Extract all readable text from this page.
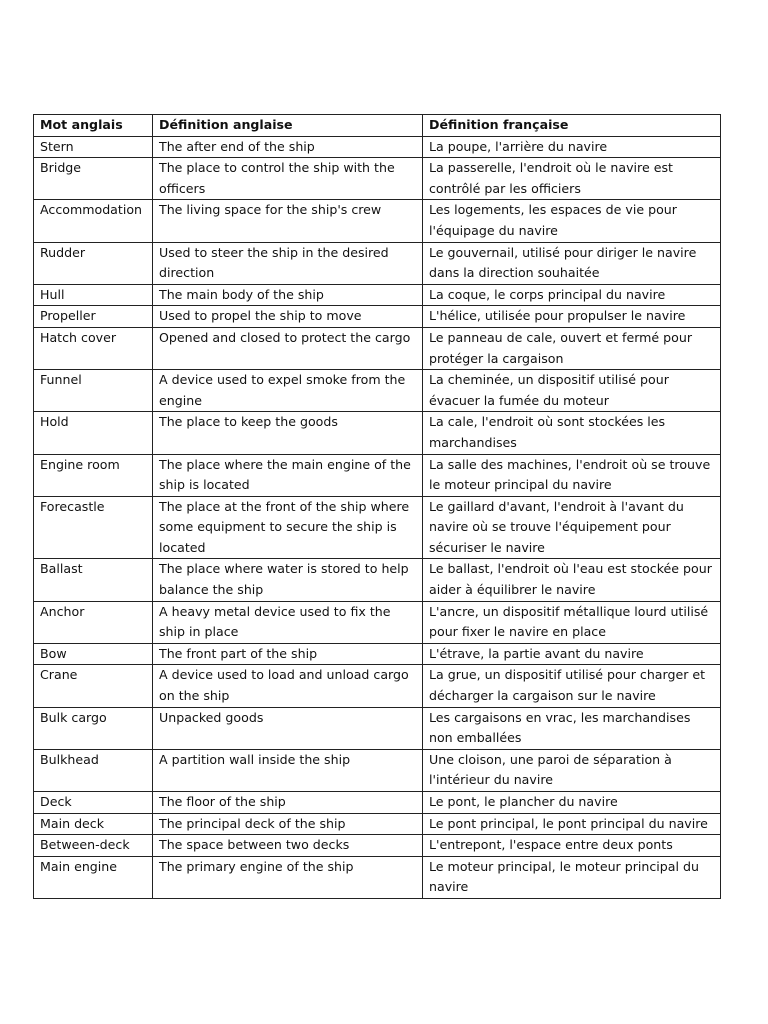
Mot anglais	Définition anglaise	Définition française
Stern	The after end of the ship	La poupe, l'arrière du navire
Bridge	The place to control the ship with the officers	La passerelle, l'endroit où le navire est contrôlé par les officiers
Accommodation	The living space for the ship's crew	Les logements, les espaces de vie pour l'équipage du navire
Rudder	Used to steer the ship in the desired direction	Le gouvernail, utilisé pour diriger le navire dans la direction souhaitée
Hull	The main body of the ship	La coque, le corps principal du navire
Propeller	Used to propel the ship to move	L'hélice, utilisée pour propulser le navire
Hatch cover	Opened and closed to protect the cargo	Le panneau de cale, ouvert et fermé pour protéger la cargaison
Funnel	A device used to expel smoke from the engine	La cheminée, un dispositif utilisé pour évacuer la fumée du moteur
Hold	The place to keep the goods	La cale, l'endroit où sont stockées les marchandises
Engine room	The place where the main engine of the ship is located	La salle des machines, l'endroit où se trouve le moteur principal du navire
Forecastle	The place at the front of the ship where some equipment to secure the ship is located	Le gaillard d'avant, l'endroit à l'avant du navire où se trouve l'équipement pour sécuriser le navire
Ballast	The place where water is stored to help balance the ship	Le ballast, l'endroit où l'eau est stockée pour aider à équilibrer le navire
Anchor	A heavy metal device used to fix the ship in place	L'ancre, un dispositif métallique lourd utilisé pour fixer le navire en place
Bow	The front part of the ship	L'étrave, la partie avant du navire
Crane	A device used to load and unload cargo on the ship	La grue, un dispositif utilisé pour charger et décharger la cargaison sur le navire
Bulk cargo	Unpacked goods	Les cargaisons en vrac, les marchandises non emballées
Bulkhead	A partition wall inside the ship	Une cloison, une paroi de séparation à l'intérieur du navire
Deck	The floor of the ship	Le pont, le plancher du navire
Main deck	The principal deck of the ship	Le pont principal, le pont principal du navire
Between-deck	The space between two decks	L'entrepont, l'espace entre deux ponts
Main engine	The primary engine of the ship	Le moteur principal, le moteur principal du navire
